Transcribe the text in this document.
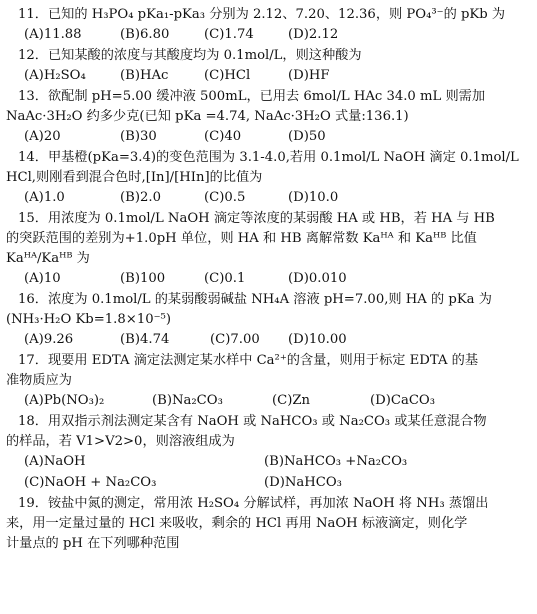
11．已知的 H₃PO₄ pKa₁-pKa₃ 分别为 2.12、7.20、12.36，则 PO₄³⁻的 pKb 为

(A)11.88	(B)6.80	(C)1.74	(D)2.12

12．已知某酸的浓度与其酸度均为 0.1mol/L，则这种酸为

(A)H₂SO₄	(B)HAc	(C)HCl	(D)HF

13．欲配制 pH=5.00 缓冲液 500mL，已用去 6mol/L HAc 34.0 mL 则需加

NaAc·3H₂O 约多少克(已知 pKa =4.74, NaAc·3H₂O 式量:136.1)

(A)20	(B)30	(C)40	(D)50

14．甲基橙(pKa=3.4)的变色范围为 3.1-4.0,若用 0.1mol/L NaOH 滴定 0.1mol/L

HCl,则刚看到混合色时,[In]/[HIn]的比值为

(A)1.0	(B)2.0	(C)0.5	(D)10.0

15．用浓度为 0.1mol/L NaOH 滴定等浓度的某弱酸 HA 或 HB，若 HA 与 HB

的突跃范围的差别为+1.0pH 单位，则 HA 和 HB 离解常数 Kaᴴᴬ 和 Kaᴴᴮ 比值

Kaᴴᴬ/Kaᴴᴮ 为

(A)10	(B)100	(C)0.1	(D)0.010

16．浓度为 0.1mol/L 的某弱酸弱碱盐 NH₄A 溶液 pH=7.00,则 HA 的 pKa 为

(NH₃·H₂O Kb=1.8×10⁻⁵)

(A)9.26	(B)4.74	(C)7.00	(D)10.00

17．现要用 EDTA 滴定法测定某水样中 Ca²⁺的含量，则用于标定 EDTA 的基

准物质应为

(A)Pb(NO₃)₂	(B)Na₂CO₃	(C)Zn	(D)CaCO₃

18．用双指示剂法测定某含有 NaOH 或 NaHCO₃ 或 Na₂CO₃ 或某任意混合物

的样品，若 V1>V2>0，则溶液组成为

(A)NaOH	(B)NaHCO₃ +Na₂CO₃
(C)NaOH + Na₂CO₃	(D)NaHCO₃

19．铵盐中氮的测定，常用浓 H₂SO₄ 分解试样，再加浓 NaOH 将 NH₃ 蒸馏出

来，用一定量过量的 HCl 来吸收，剩余的 HCl 再用 NaOH 标液滴定，则化学

计量点的 pH 在下列哪种范围
